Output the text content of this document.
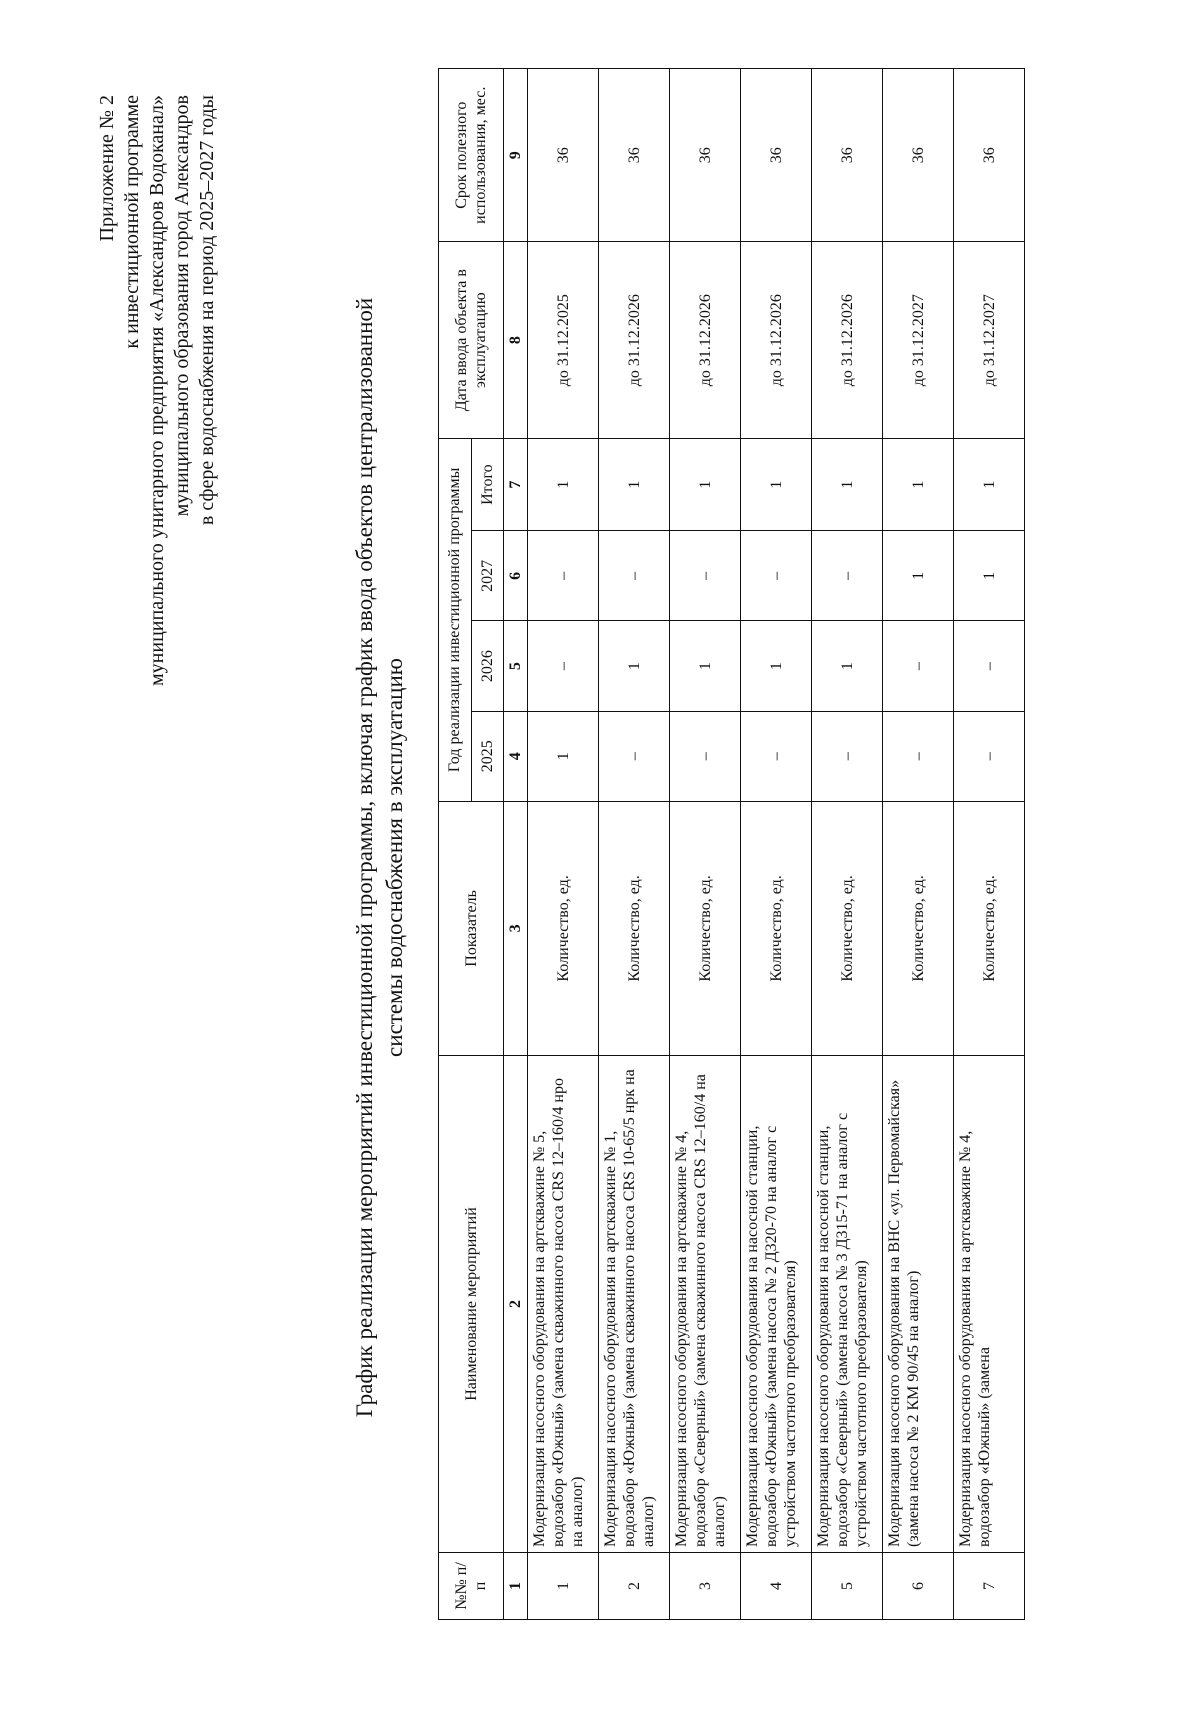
Приложение № 2 к инвестиционной программе муниципального унитарного предприятия «Александров Водоканал» муниципального образования город Александров в сфере водоснабжения на период 2025–2027 годы	График реализации мероприятий инвестиционной программы, включая график ввода объектов централизованной системы водоснабжения в эксплуатацию
№№ п/п	Наименование мероприятий	Показатель	Год реализации инвестиционной программы				Дата ввода объекта в эксплуатацию	Срок полезного использования, мес.
			2025	2026	2027	Итого		
1	2	3	4	5	6	7	8	9
1	Модернизация насосного оборудования на артскважине № 5, водозабор «Южный» (замена скважинного насоса CRS 12–160/4 нро на аналог)	Количество, ед.	1	–	–	1	до 31.12.2025	36
2	Модернизация насосного оборудования на артскважине № 1, водозабор «Южный» (замена скважинного насоса CRS 10-65/5 нрк на аналог)	Количество, ед.	–	1	–	1	до 31.12.2026	36
3	Модернизация насосного оборудования на артскважине № 4, водозабор «Северный» (замена скважинного насоса CRS 12–160/4 на аналог)	Количество, ед.	–	1	–	1	до 31.12.2026	36
4	Модернизация насосного оборудования на насосной станции, водозабор «Южный» (замена насоса № 2 Д320-70 на аналог с устройством частотного преобразователя)	Количество, ед.	–	1	–	1	до 31.12.2026	36
5	Модернизация насосного оборудования на насосной станции, водозабор «Северный» (замена насоса № 3 Д315-71 на аналог с устройством частотного преобразователя)	Количество, ед.	–	1	–	1	до 31.12.2026	36
6	Модернизация насосного оборудования на ВНС «ул. Первомайская» (замена насоса № 2 КМ 90/45 на аналог)	Количество, ед.	–	–	1	1	до 31.12.2027	36
7	Модернизация насосного оборудования на артскважине № 4, водозабор «Южный» (замена	Количество, ед.	–	–	1	1	до 31.12.2027	36
